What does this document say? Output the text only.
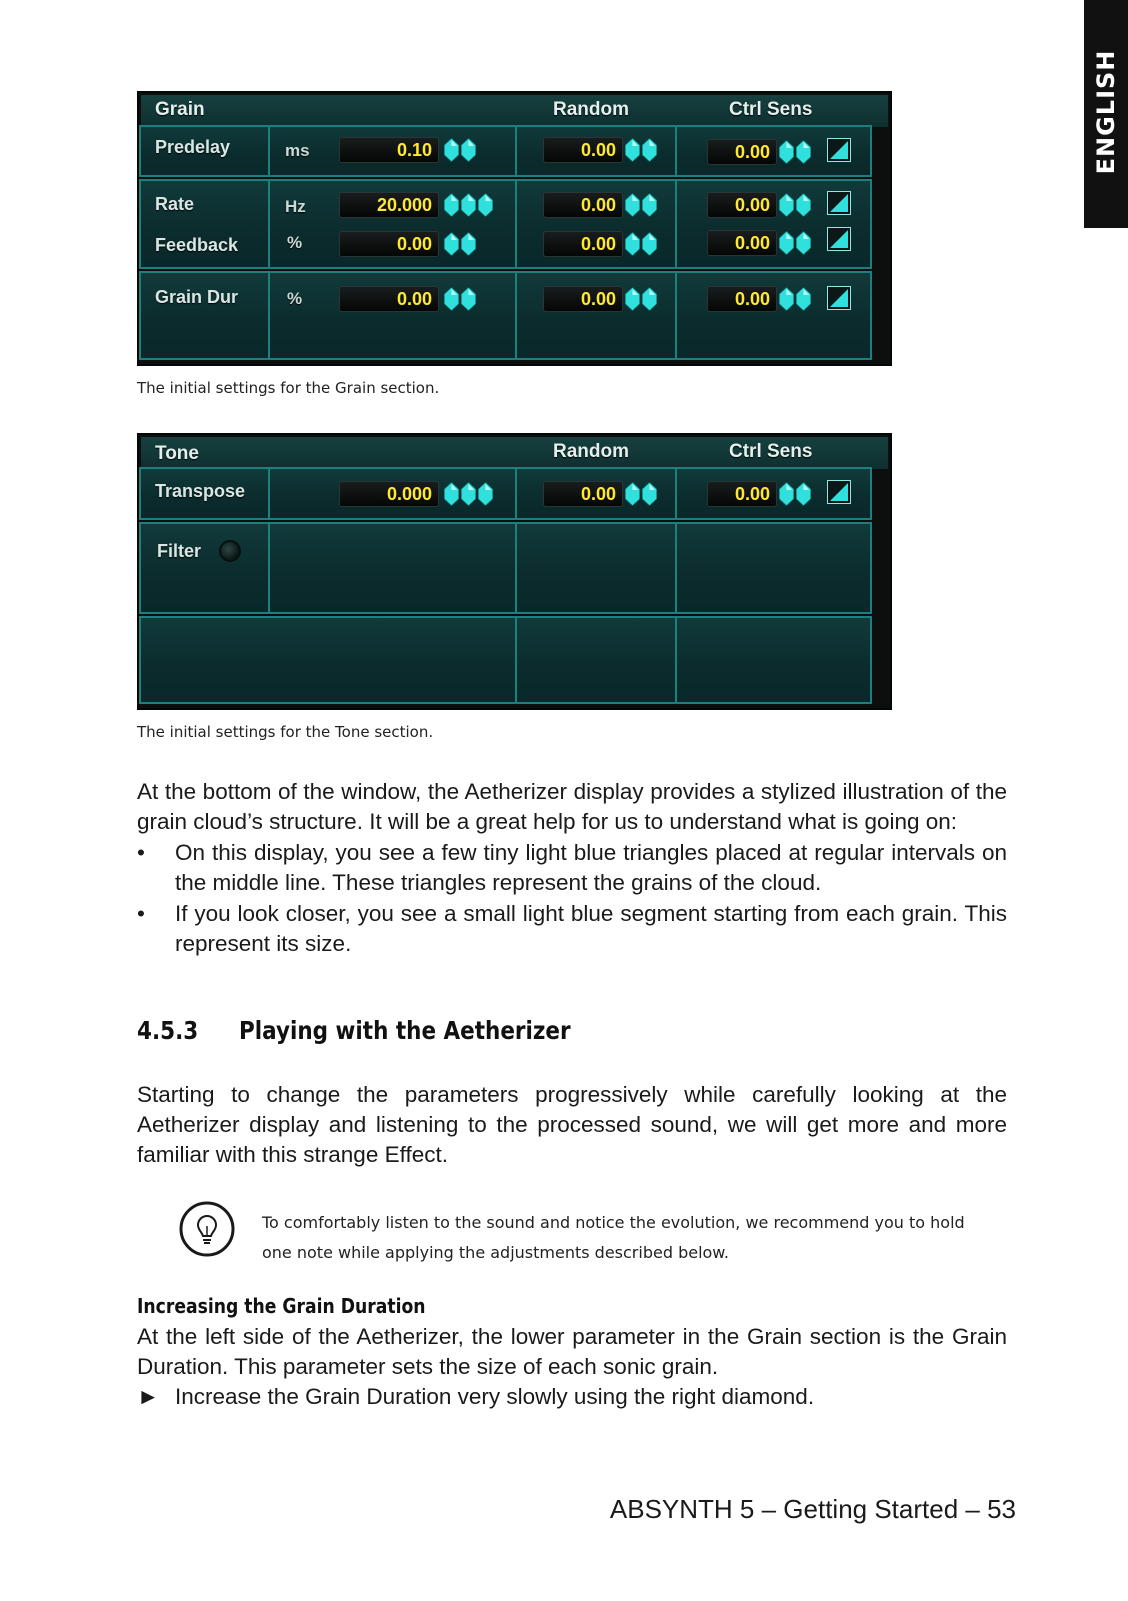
ENGLISH
Grain	Random	Ctrl Sens
Predelay	ms	0.10	0.00	0.00
Rate	Hz	20.000	0.00	0.00
Feedback	%	0.00	0.00	0.00
Grain Dur	%	0.00	0.00	0.00
The initial settings for the Grain section.
Tone	Random	Ctrl Sens
Transpose	0.000	0.00	0.00
Filter
The initial settings for the Tone section.
At the bottom of the window, the Aetherizer display provides a stylized illustration of the grain cloud’s structure. It will be a great help for us to understand what is going on:
• On this display, you see a few tiny light blue triangles placed at regular intervals on the middle line. These triangles represent the grains of the cloud.
• If you look closer, you see a small light blue segment starting from each grain. This represent its size.
4.5.3 Playing with the Aetherizer
Starting to change the parameters progressively while carefully looking at the Aetherizer display and listening to the processed sound, we will get more and more familiar with this strange Effect.
To comfortably listen to the sound and notice the evolution, we recommend you to hold one note while applying the adjustments described below.
Increasing the Grain Duration
At the left side of the Aetherizer, the lower parameter in the Grain section is the Grain Duration. This parameter sets the size of each sonic grain.
► Increase the Grain Duration very slowly using the right diamond.
ABSYNTH 5 – Getting Started – 53
